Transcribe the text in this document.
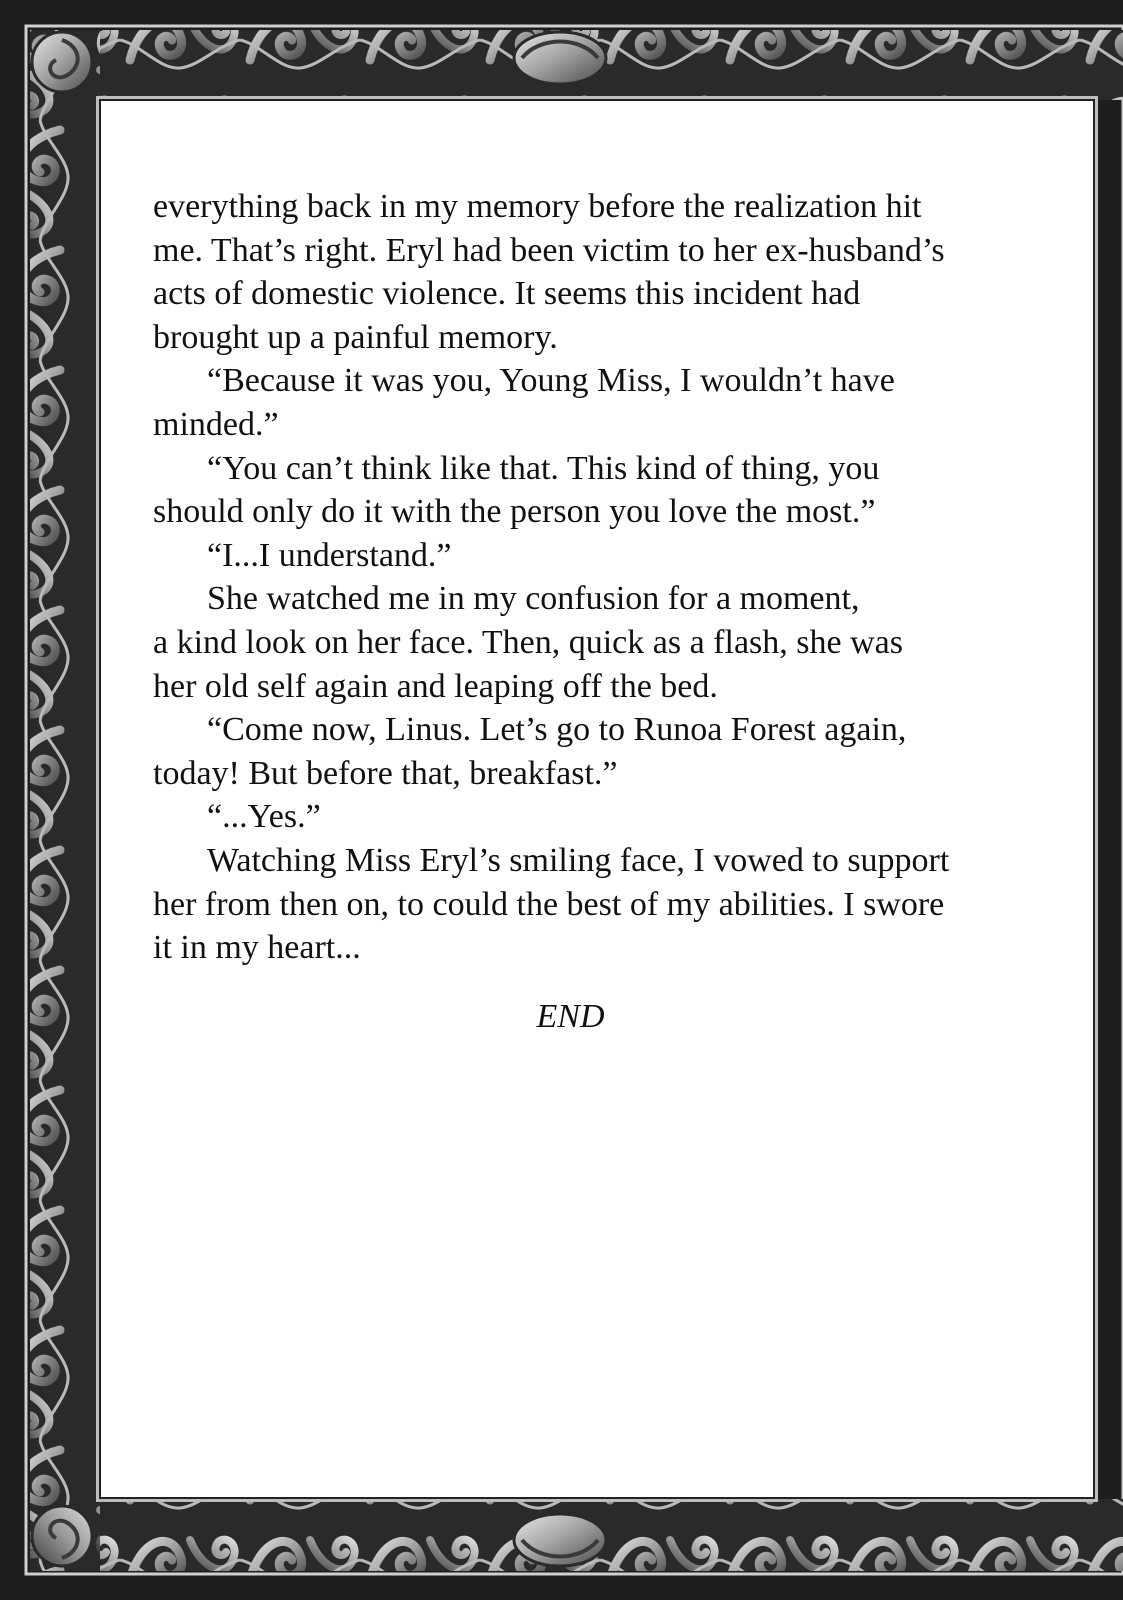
everything back in my memory before the realization hit
me. That’s right. Eryl had been victim to her ex-husband’s
acts of domestic violence. It seems this incident had
brought up a painful memory.
“Because it was you, Young Miss, I wouldn’t have
minded.”
“You can’t think like that. This kind of thing, you
should only do it with the person you love the most.”
“I...I understand.”
She watched me in my confusion for a moment,
a kind look on her face. Then, quick as a flash, she was
her old self again and leaping off the bed.
“Come now, Linus. Let’s go to Runoa Forest again,
today! But before that, breakfast.”
“...Yes.”
Watching Miss Eryl’s smiling face, I vowed to support
her from then on, to could the best of my abilities. I swore
it in my heart...
END
